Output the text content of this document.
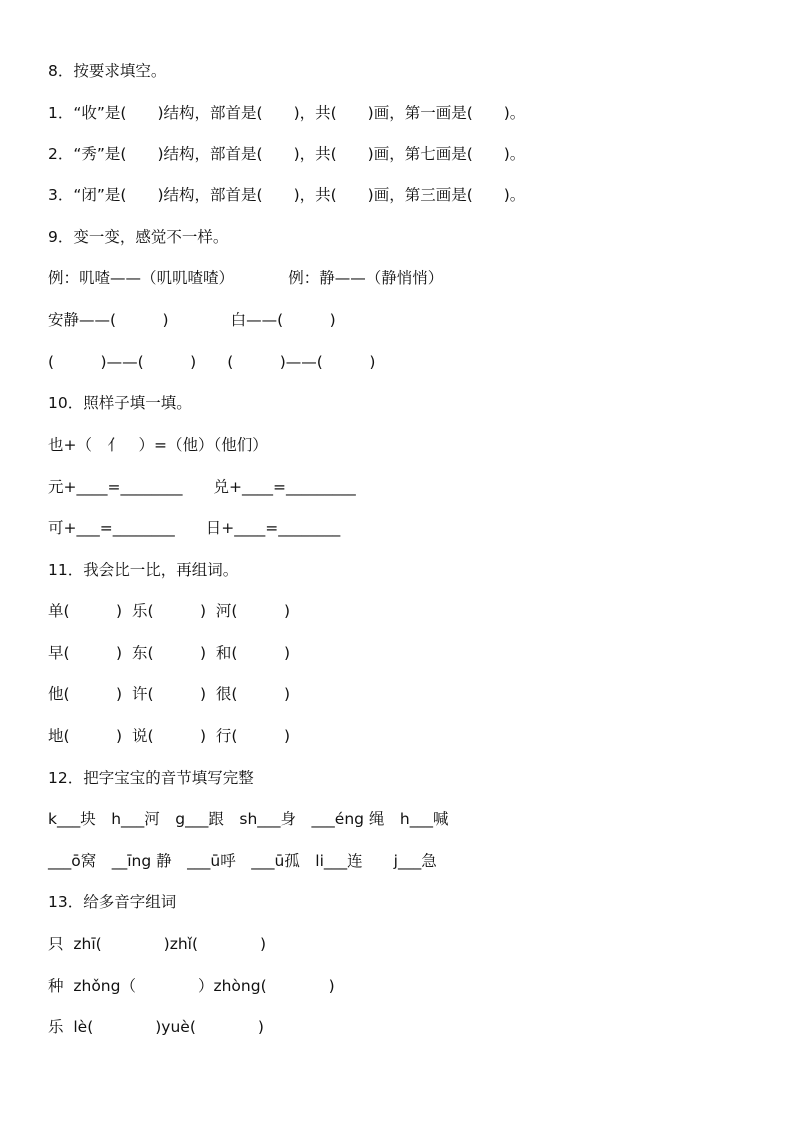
8．按要求填空。
1．“收”是(　　)结构，部首是(　　)，共(　　)画，第一画是(　　)。
2．“秀”是(　　)结构，部首是(　　)，共(　　)画，第七画是(　　)。
3．“闭”是(　　)结构，部首是(　　)，共(　　)画，第三画是(　　)。
9．变一变，感觉不一样。
例：叽喳——（叽叽喳喳）　　　　例：静——（静悄悄）
安静——(　　　)　　　　白——(　　　)
(　　　)——(　　　)　　(　　　)——(　　　)
10．照样子填一填。
也+（　亻　）=（他）（他们）
元+____=________　　兑+____=_________
可+___=________　　日+____=________
11．我会比一比，再组词。
单(　　　)  乐(　　　)  河(　　　)
早(　　　)  东(　　　)  和(　　　)
他(　　　)  许(　　　)  很(　　　)
地(　　　)  说(　　　)  行(　　　)
12．把字宝宝的音节填写完整
k___块　h___河　g___跟　sh___身　___éng 绳　h___喊
___ō窝　__īng 静　___ū呼　___ū孤　li___连　　j___急
13．给多音字组词
只  zhī(　　　　)zhǐ(　　　　)
种  zhǒng（　　　　）zhòng(　　　　)
乐  lè(　　　　)yuè(　　　　)
